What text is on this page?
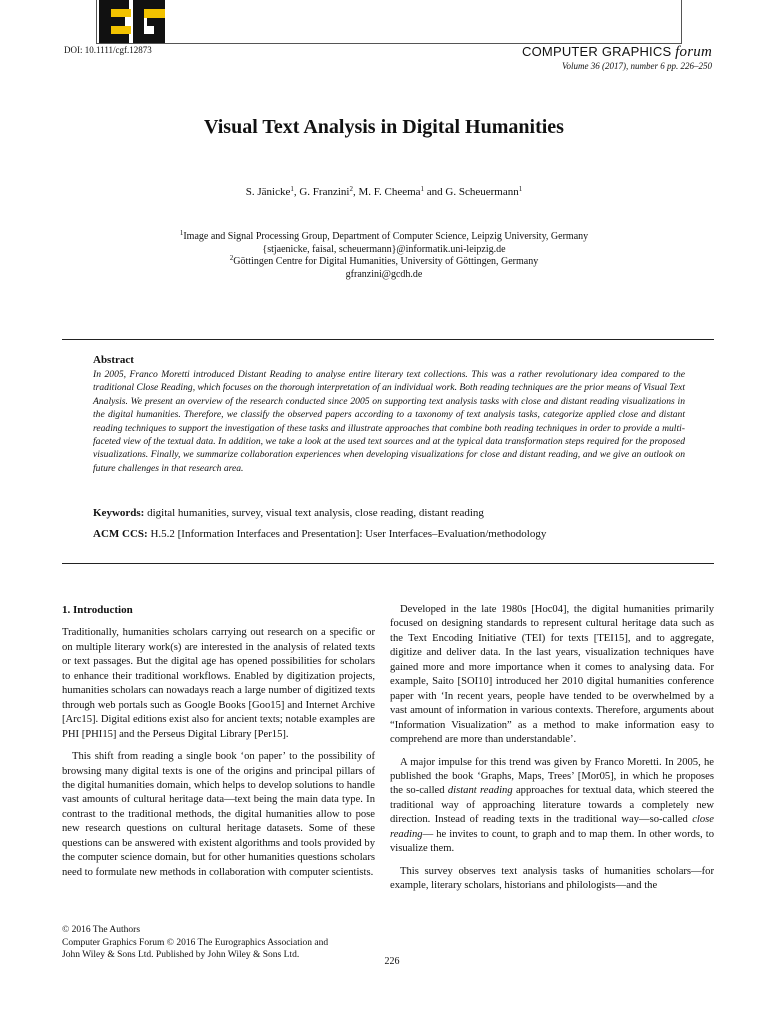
DOI: 10.1111/cgf.12873	COMPUTER GRAPHICS forum
Volume 36 (2017), number 6 pp. 226–250
Visual Text Analysis in Digital Humanities
S. Jänicke$^1$, G. Franzini$^2$, M. F. Cheema$^1$ and G. Scheuermann$^1$
$^1$Image and Signal Processing Group, Department of Computer Science, Leipzig University, Germany
{stjaenicke, faisal, scheuermann}@informatik.uni-leipzig.de
$^2$Göttingen Centre for Digital Humanities, University of Göttingen, Germany
gfranzini@gcdh.de
Abstract
In 2005, Franco Moretti introduced Distant Reading to analyse entire literary text collections. This was a rather revolutionary idea compared to the traditional Close Reading, which focuses on the thorough interpretation of an individual work. Both reading techniques are the prior means of Visual Text Analysis. We present an overview of the research conducted since 2005 on supporting text analysis tasks with close and distant reading visualizations in the digital humanities. Therefore, we classify the observed papers according to a taxonomy of text analysis tasks, categorize applied close and distant reading techniques to support the investigation of these tasks and illustrate approaches that combine both reading techniques in order to provide a multi-faceted view of the textual data. In addition, we take a look at the used text sources and at the typical data transformation steps required for the proposed visualizations. Finally, we summarize collaboration experiences when developing visualizations for close and distant reading, and we give an outlook on future challenges in that research area.
Keywords: digital humanities, survey, visual text analysis, close reading, distant reading
ACM CCS: H.5.2 [Information Interfaces and Presentation]: User Interfaces–Evaluation/methodology
1. Introduction

Traditionally, humanities scholars carrying out research on a specific or on multiple literary work(s) are interested in the analysis of related texts or text passages. But the digital age has opened possibilities for scholars to enhance their traditional workflows. Enabled by digitization projects, humanities scholars can nowadays reach a large number of digitized texts through web portals such as Google Books [Goo15] and Internet Archive [Arc15]. Digital editions exist also for ancient texts; notable examples are PHI [PHI15] and the Perseus Digital Library [Per15].

This shift from reading a single book ‘on paper’ to the possibility of browsing many digital texts is one of the origins and principal pillars of the digital humanities domain, which helps to develop solutions to handle vast amounts of cultural heritage data—text being the main data type. In contrast to the traditional methods, the digital humanities allow to pose new research questions on cultural heritage datasets. Some of these questions can be answered with existent algorithms and tools provided by the computer science domain, but for other humanities questions scholars need to formulate new methods in collaboration with computer scientists.

Developed in the late 1980s [Hoc04], the digital humanities primarily focused on designing standards to represent cultural heritage data such as the Text Encoding Initiative (TEI) for texts [TEI15], and to aggregate, digitize and deliver data. In the last years, visualization techniques have gained more and more importance when it comes to analysing data. For example, Saito [SOI10] introduced her 2010 digital humanities conference paper with ‘In recent years, people have tended to be overwhelmed by a vast amount of information in various contexts. Therefore, arguments about “Information Visualization” as a method to make information easy to comprehend are more than understandable’.

A major impulse for this trend was given by Franco Moretti. In 2005, he published the book ‘Graphs, Maps, Trees’ [Mor05], in which he proposes the so-called distant reading approaches for textual data, which steered the traditional way of approaching literature towards a completely new direction. Instead of reading texts in the traditional way—so-called close reading— he invites to count, to graph and to map them. In other words, to visualize them.

This survey observes text analysis tasks of humanities scholars—for example, literary scholars, historians and philologists—and the

© 2016 The Authors
Computer Graphics Forum © 2016 The Eurographics Association and
John Wiley & Sons Ltd. Published by John Wiley & Sons Ltd.
226
